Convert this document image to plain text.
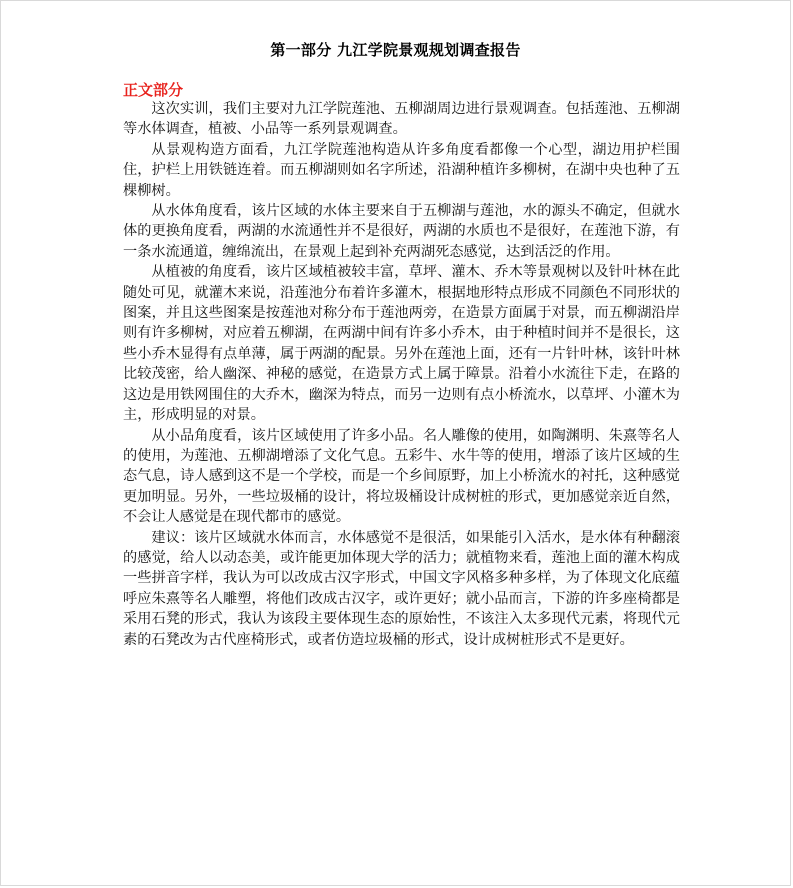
第一部分 九江学院景观规划调查报告
正文部分

这次实训，我们主要对九江学院莲池、五柳湖周边进行景观调查。包括莲池、五柳湖等水体调查，植被、小品等一系列景观调查。

从景观构造方面看，九江学院莲池构造从许多角度看都像一个心型，湖边用护栏围住，护栏上用铁链连着。而五柳湖则如名字所述，沿湖种植许多柳树，在湖中央也种了五棵柳树。

从水体角度看，该片区域的水体主要来自于五柳湖与莲池，水的源头不确定，但就水体的更换角度看，两湖的水流通性并不是很好，两湖的水质也不是很好，在莲池下游，有一条水流通道，缠绵流出，在景观上起到补充两湖死态感觉，达到活泛的作用。

从植被的角度看，该片区域植被较丰富，草坪、灌木、乔木等景观树以及针叶林在此随处可见，就灌木来说，沿莲池分布着许多灌木，根据地形特点形成不同颜色不同形状的图案，并且这些图案是按莲池对称分布于莲池两旁，在造景方面属于对景，而五柳湖沿岸则有许多柳树，对应着五柳湖，在两湖中间有许多小乔木，由于种植时间并不是很长，这些小乔木显得有点单薄，属于两湖的配景。另外在莲池上面，还有一片针叶林，该针叶林比较茂密，给人幽深、神秘的感觉，在造景方式上属于障景。沿着小水流往下走，在路的这边是用铁网围住的大乔木，幽深为特点，而另一边则有点小桥流水，以草坪、小灌木为主，形成明显的对景。

从小品角度看，该片区域使用了许多小品。名人雕像的使用，如陶渊明、朱熹等名人的使用，为莲池、五柳湖增添了文化气息。五彩牛、水牛等的使用，增添了该片区域的生态气息，诗人感到这不是一个学校，而是一个乡间原野，加上小桥流水的衬托，这种感觉更加明显。另外，一些垃圾桶的设计，将垃圾桶设计成树桩的形式，更加感觉亲近自然，不会让人感觉是在现代都市的感觉。

建议：该片区域就水体而言，水体感觉不是很活，如果能引入活水，是水体有种翻滚的感觉，给人以动态美，或许能更加体现大学的活力；就植物来看，莲池上面的灌木构成一些拼音字样，我认为可以改成古汉字形式，中国文字风格多种多样，为了体现文化底蕴呼应朱熹等名人雕塑，将他们改成古汉字，或许更好；就小品而言，下游的许多座椅都是采用石凳的形式，我认为该段主要体现生态的原始性，不该注入太多现代元素，将现代元素的石凳改为古代座椅形式，或者仿造垃圾桶的形式，设计成树桩形式不是更好。
